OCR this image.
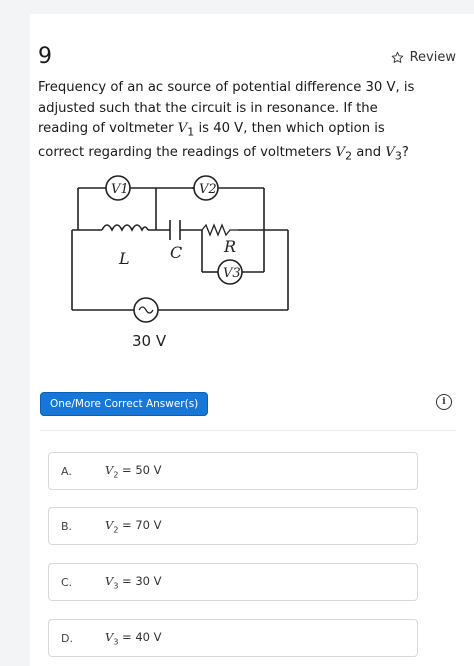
9	Review
Frequency of an ac source of potential difference 30 V, is adjusted such that the circuit is in resonance. If the reading of voltmeter $V_1$ is 40 V, then which option is correct regarding the readings of voltmeters $V_2$ and $V_3$?
V1	V2
V3
L	C	R
30 V
One/More Correct Answer(s)	i
A.	$V_2 = 50$ V
B.	$V_2 = 70$ V
C.	$V_3 = 30$ V
D.	$V_3 = 40$ V
